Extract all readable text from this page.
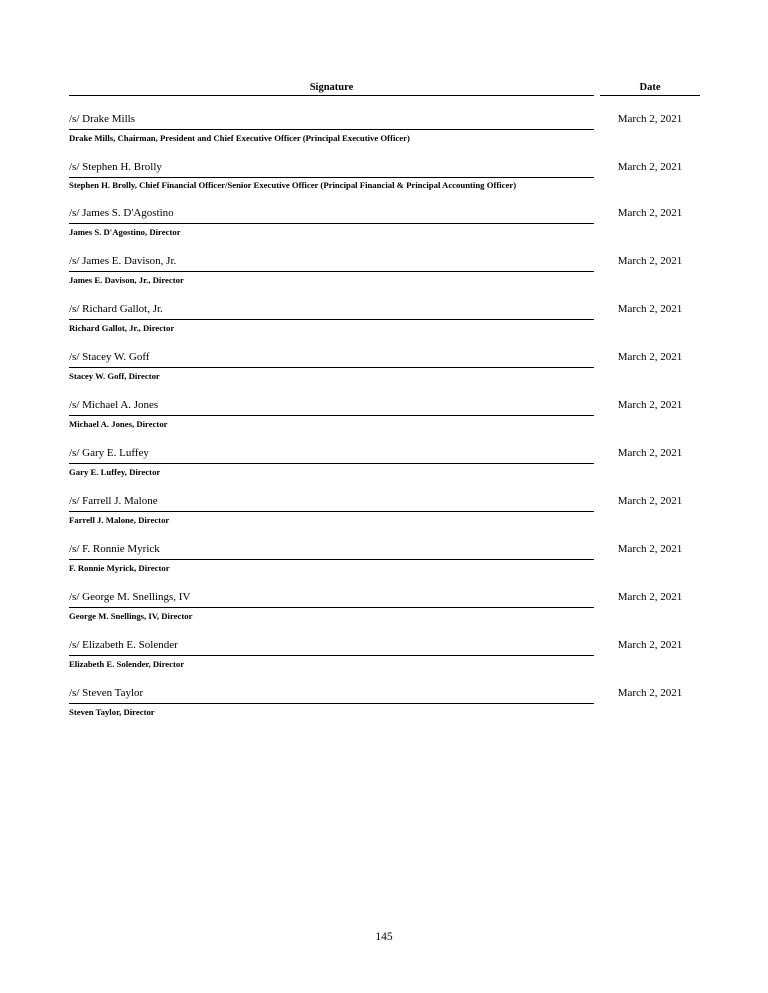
Signature	Date
/s/ Drake Mills	March 2, 2021
Drake Mills, Chairman, President and Chief Executive Officer (Principal Executive Officer)
/s/ Stephen H. Brolly	March 2, 2021
Stephen H. Brolly, Chief Financial Officer/Senior Executive Officer (Principal Financial & Principal Accounting Officer)
/s/ James S. D'Agostino	March 2, 2021
James S. D'Agostino, Director
/s/ James E. Davison, Jr.	March 2, 2021
James E. Davison, Jr., Director
/s/ Richard Gallot, Jr.	March 2, 2021
Richard Gallot, Jr., Director
/s/ Stacey W. Goff	March 2, 2021
Stacey W. Goff, Director
/s/ Michael A. Jones	March 2, 2021
Michael A. Jones, Director
/s/ Gary E. Luffey	March 2, 2021
Gary E. Luffey, Director
/s/ Farrell J. Malone	March 2, 2021
Farrell J. Malone, Director
/s/ F. Ronnie Myrick	March 2, 2021
F. Ronnie Myrick, Director
/s/ George M. Snellings, IV	March 2, 2021
George M. Snellings, IV, Director
/s/ Elizabeth E. Solender	March 2, 2021
Elizabeth E. Solender, Director
/s/ Steven Taylor	March 2, 2021
Steven Taylor, Director
145
